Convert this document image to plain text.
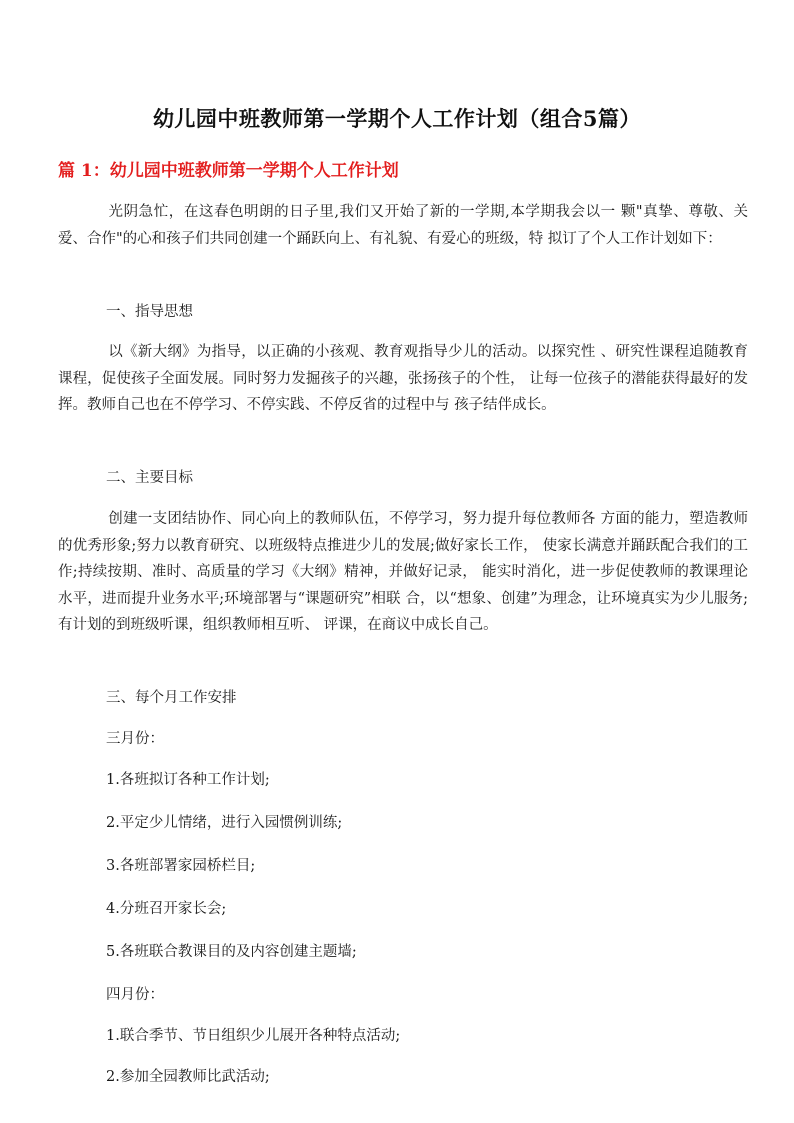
幼儿园中班教师第一学期个人工作计划（组合5篇）
篇 1：幼儿园中班教师第一学期个人工作计划

光阴急忙，在这春色明朗的日子里,我们又开始了新的一学期,本学期我会以一 颗"真挚、尊敬、关爱、合作"的心和孩子们共同创建一个踊跃向上、有礼貌、有爱心的班级，特 拟订了个人工作计划如下：

一、指导思想

以《新大纲》为指导，以正确的小孩观、教育观指导少儿的活动。以探究性 、研究性课程追随教育课程，促使孩子全面发展。同时努力发掘孩子的兴趣，张扬孩子的个性， 让每一位孩子的潜能获得最好的发挥。教师自己也在不停学习、不停实践、不停反省的过程中与 孩子结伴成长。

二、主要目标

创建一支团结协作、同心向上的教师队伍，不停学习，努力提升每位教师各 方面的能力，塑造教师的优秀形象;努力以教育研究、以班级特点推进少儿的发展;做好家长工作， 使家长满意并踊跃配合我们的工作;持续按期、准时、高质量的学习《大纲》精神，并做好记录， 能实时消化，进一步促使教师的教课理论水平，进而提升业务水平;环境部署与“课题研究”相联 合，以“想象、创建”为理念，让环境真实为少儿服务;有计划的到班级听课，组织教师相互听、 评课，在商议中成长自己。

三、每个月工作安排
三月份：
1.各班拟订各种工作计划;
2.平定少儿情绪，进行入园惯例训练;
3.各班部署家园桥栏目;
4.分班召开家长会;
5.各班联合教课目的及内容创建主题墙;
四月份：
1.联合季节、节日组织少儿展开各种特点活动;
2.参加全园教师比武活动;
